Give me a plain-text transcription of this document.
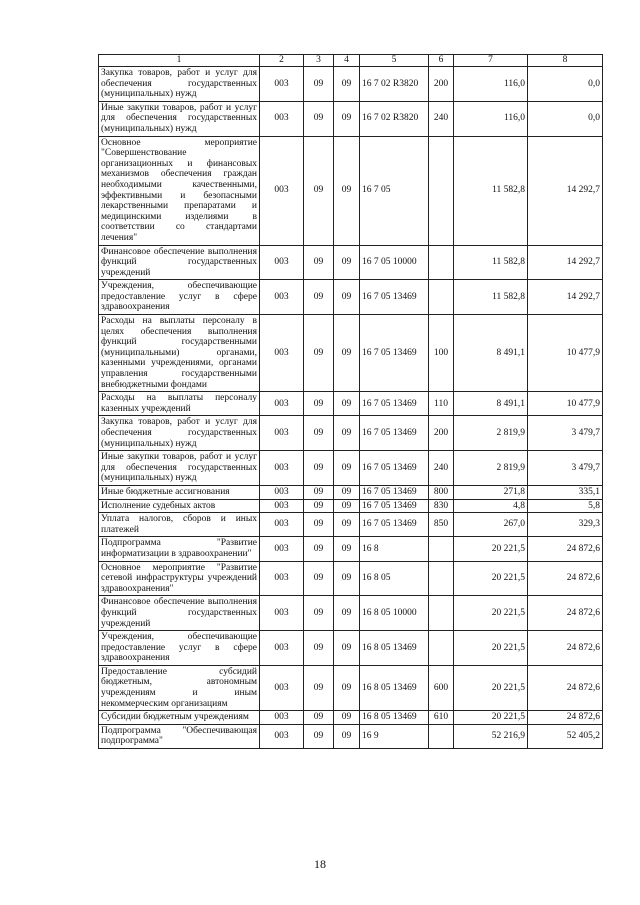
1	2	3	4	5	6	7	8
Закупка товаров, работ и услуг для обеспечения государственных (муниципальных) нужд	003	09	09	16 7 02 R3820	200	116,0	0,0
Иные закупки товаров, работ и услуг для обеспечения государственных (муниципальных) нужд	003	09	09	16 7 02 R3820	240	116,0	0,0
Основное мероприятие "Совершенствование организационных и финансовых механизмов обеспечения граждан необходимыми качественными, эффективными и безопасными лекарственными препаратами и медицинскими изделиями в соответствии со стандартами лечения"	003	09	09	16 7 05		11 582,8	14 292,7
Финансовое обеспечение выполнения функций государственных учреждений	003	09	09	16 7 05 10000		11 582,8	14 292,7
Учреждения, обеспечивающие предоставление услуг в сфере здравоохранения	003	09	09	16 7 05 13469		11 582,8	14 292,7
Расходы на выплаты персоналу в целях обеспечения выполнения функций государственными (муниципальными) органами, казенными учреждениями, органами управления государственными внебюджетными фондами	003	09	09	16 7 05 13469	100	8 491,1	10 477,9
Расходы на выплаты персоналу казенных учреждений	003	09	09	16 7 05 13469	110	8 491,1	10 477,9
Закупка товаров, работ и услуг для обеспечения государственных (муниципальных) нужд	003	09	09	16 7 05 13469	200	2 819,9	3 479,7
Иные закупки товаров, работ и услуг для обеспечения государственных (муниципальных) нужд	003	09	09	16 7 05 13469	240	2 819,9	3 479,7
Иные бюджетные ассигнования	003	09	09	16 7 05 13469	800	271,8	335,1
Исполнение судебных актов	003	09	09	16 7 05 13469	830	4,8	5,8
Уплата налогов, сборов и иных платежей	003	09	09	16 7 05 13469	850	267,0	329,3
Подпрограмма "Развитие информатизации в здравоохранении"	003	09	09	16 8		20 221,5	24 872,6
Основное мероприятие "Развитие сетевой инфраструктуры учреждений здравоохранения"	003	09	09	16 8 05		20 221,5	24 872,6
Финансовое обеспечение выполнения функций государственных учреждений	003	09	09	16 8 05 10000		20 221,5	24 872,6
Учреждения, обеспечивающие предоставление услуг в сфере здравоохранения	003	09	09	16 8 05 13469		20 221,5	24 872,6
Предоставление субсидий бюджетным, автономным учреждениям и иным некоммерческим организациям	003	09	09	16 8 05 13469	600	20 221,5	24 872,6
Субсидии бюджетным учреждениям	003	09	09	16 8 05 13469	610	20 221,5	24 872,6
Подпрограмма "Обеспечивающая подпрограмма"	003	09	09	16 9		52 216,9	52 405,2
18
